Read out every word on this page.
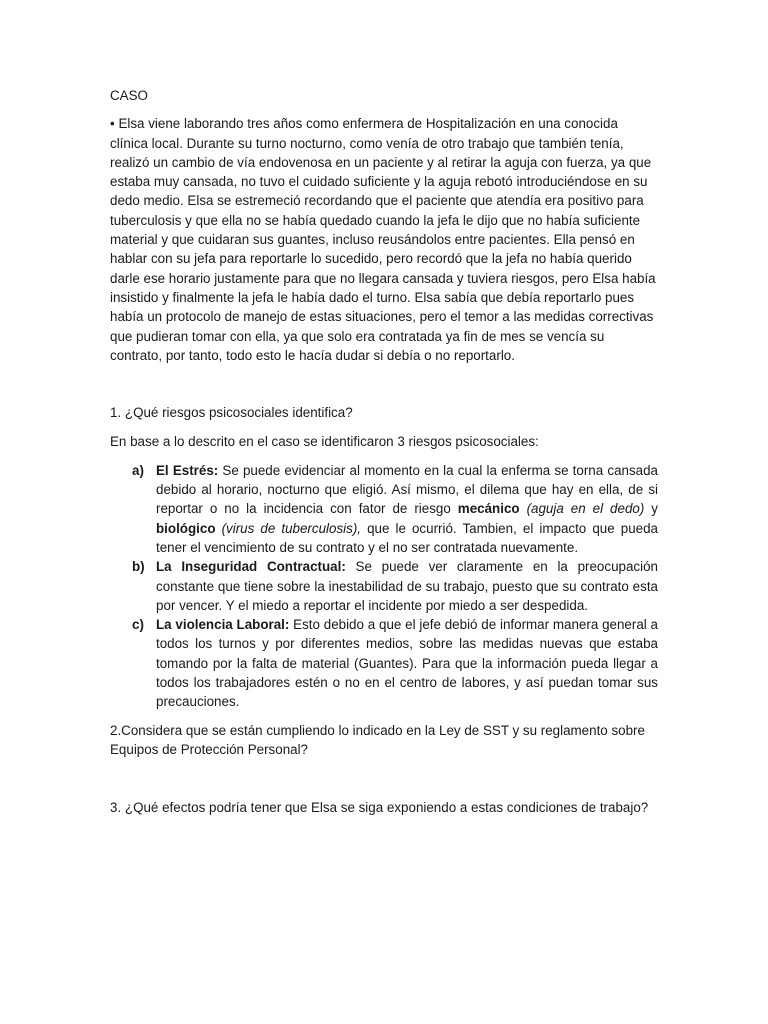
CASO

• Elsa viene laborando tres años como enfermera de Hospitalización en una conocida clínica local. Durante su turno nocturno, como venía de otro trabajo que también tenía, realizó un cambio de vía endovenosa en un paciente y al retirar la aguja con fuerza, ya que estaba muy cansada, no tuvo el cuidado suficiente y la aguja rebotó introduciéndose en su dedo medio. Elsa se estremeció recordando que el paciente que atendía era positivo para tuberculosis y que ella no se había quedado cuando la jefa le dijo que no había suficiente material y que cuidaran sus guantes, incluso reusándolos entre pacientes. Ella pensó en hablar con su jefa para reportarle lo sucedido, pero recordó que la jefa no había querido darle ese horario justamente para que no llegara cansada y tuviera riesgos, pero Elsa había insistido y finalmente la jefa le había dado el turno. Elsa sabía que debía reportarlo pues había un protocolo de manejo de estas situaciones, pero el temor a las medidas correctivas que pudieran tomar con ella, ya que solo era contratada ya fin de mes se vencía su contrato, por tanto, todo esto le hacía dudar si debía o no reportarlo.

1. ¿Qué riesgos psicosociales identifica?

En base a lo descrito en el caso se identificaron 3 riesgos psicosociales:

a) El Estrés: Se puede evidenciar al momento en la cual la enferma se torna cansada debido al horario, nocturno que eligió. Así mismo, el dilema que hay en ella, de si reportar o no la incidencia con fator de riesgo mecánico (aguja en el dedo) y biológico (virus de tuberculosis), que le ocurrió. Tambien, el impacto que pueda tener el vencimiento de su contrato y el no ser contratada nuevamente.
b) La Inseguridad Contractual: Se puede ver claramente en la preocupación constante que tiene sobre la inestabilidad de su trabajo, puesto que su contrato esta por vencer. Y el miedo a reportar el incidente por miedo a ser despedida.
c) La violencia Laboral: Esto debido a que el jefe debió de informar manera general a todos los turnos y por diferentes medios, sobre las medidas nuevas que estaba tomando por la falta de material (Guantes). Para que la información pueda llegar a todos los trabajadores estén o no en el centro de labores, y así puedan tomar sus precauciones.

2.Considera que se están cumpliendo lo indicado en la Ley de SST y su reglamento sobre Equipos de Protección Personal?

3. ¿Qué efectos podría tener que Elsa se siga exponiendo a estas condiciones de trabajo?
